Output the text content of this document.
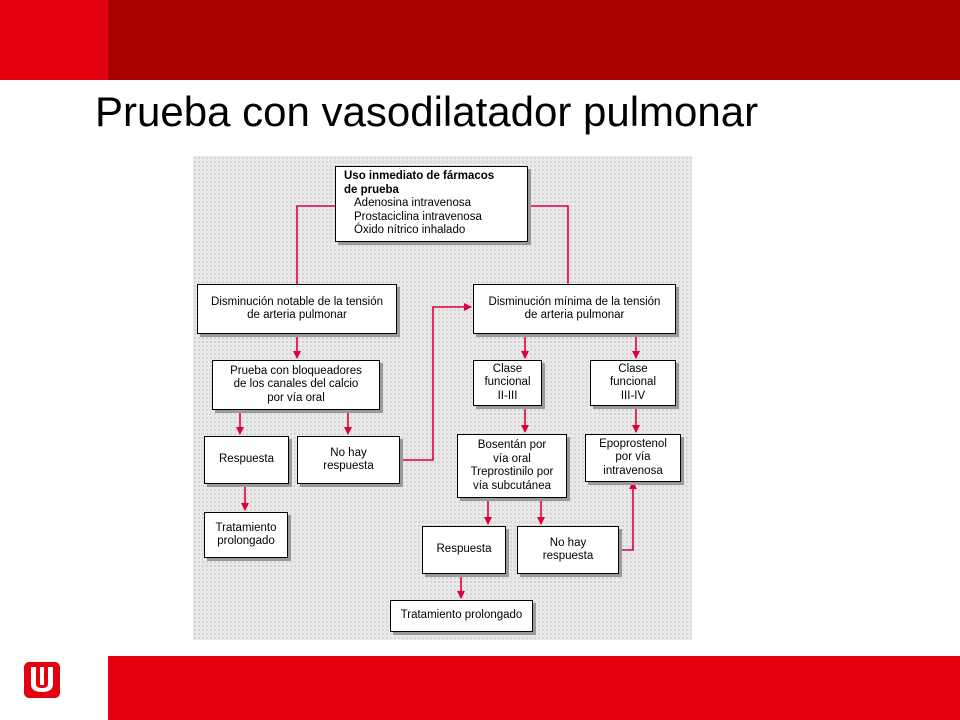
Prueba con vasodilatador pulmonar
Uso inmediato de fármacos
de prueba
Adenosina intravenosa
Prostaciclina intravenosa
Óxido nítrico inhalado
Disminución notable de la tensión
de arteria pulmonar
Disminución mínima de la tensión
de arteria pulmonar
Prueba con bloqueadores
de los canales del calcio
por vía oral
Clase
funcional
II-III
Clase
funcional
III-IV
Respuesta
No hay
respuesta
Bosentán por
vía oral
Treprostinilo por
vía subcutánea
Epoprostenol
por vía
intravenosa
Tratamiento
prolongado
Respuesta
No hay
respuesta
Tratamiento prolongado
